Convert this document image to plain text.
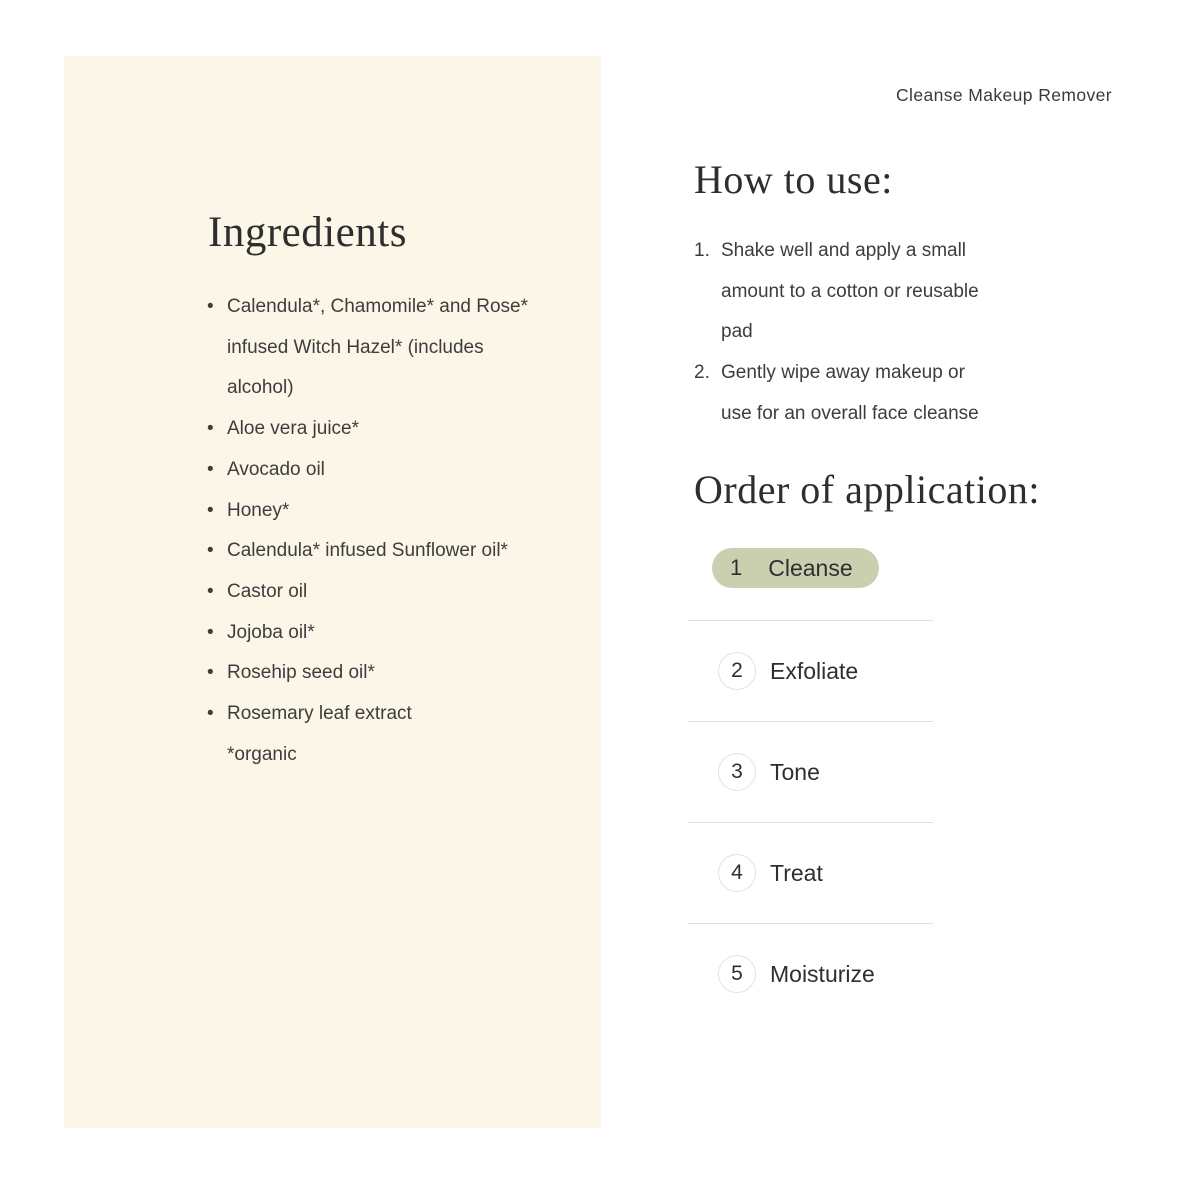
Ingredients
• Calendula*, Chamomile* and Rose*
infused Witch Hazel* (includes
alcohol)
• Aloe vera juice*
• Avocado oil
• Honey*
• Calendula* infused Sunflower oil*
• Castor oil
• Jojoba oil*
• Rosehip seed oil*
• Rosemary leaf extract
*organic
Cleanse Makeup Remover
How to use:
1. Shake well and apply a small
amount to a cotton or reusable
pad
2. Gently wipe away makeup or
use for an overall face cleanse
Order of application:
1 Cleanse
2	Exfoliate
3	Tone
4	Treat
5	Moisturize
